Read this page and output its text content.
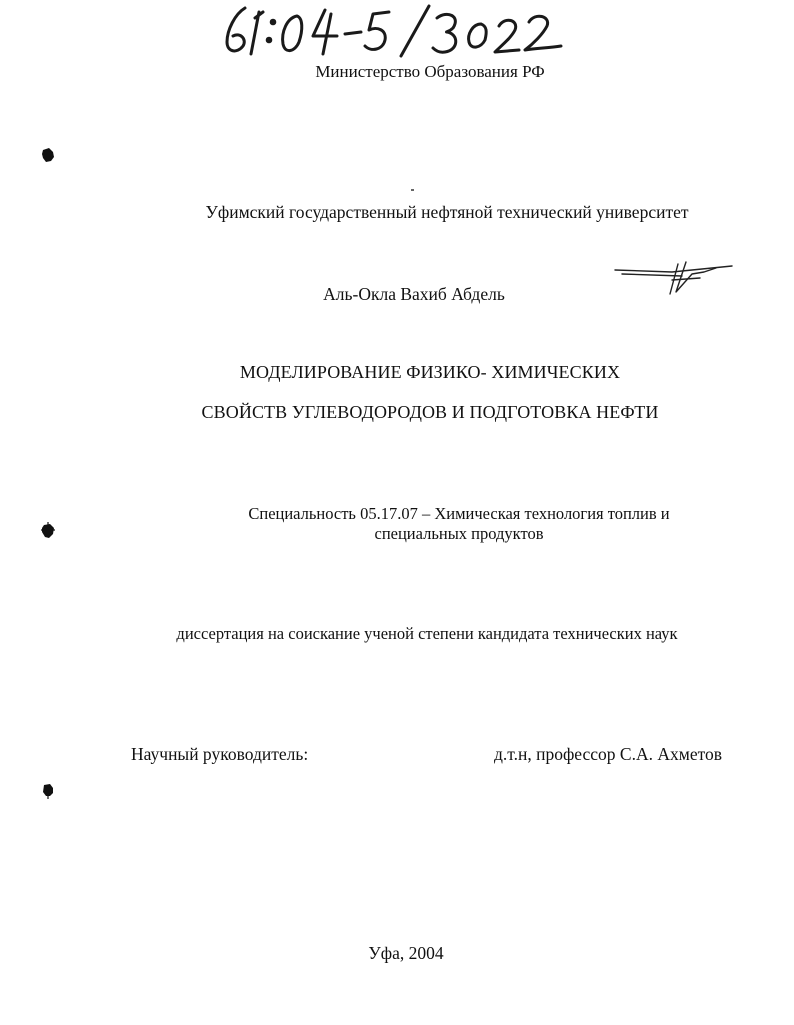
Министерство Образования РФ
Уфимский государственный нефтяной технический университет
Аль-Окла Вахиб Абдель
МОДЕЛИРОВАНИЕ ФИЗИКО- ХИМИЧЕСКИХ
СВОЙСТВ УГЛЕВОДОРОДОВ И ПОДГОТОВКА НЕФТИ
Специальность 05.17.07 – Химическая технология топлив и
специальных продуктов
диссертация на соискание ученой степени кандидата технических наук
Научный руководитель:	д.т.н, профессор С.А. Ахметов
Уфа, 2004
